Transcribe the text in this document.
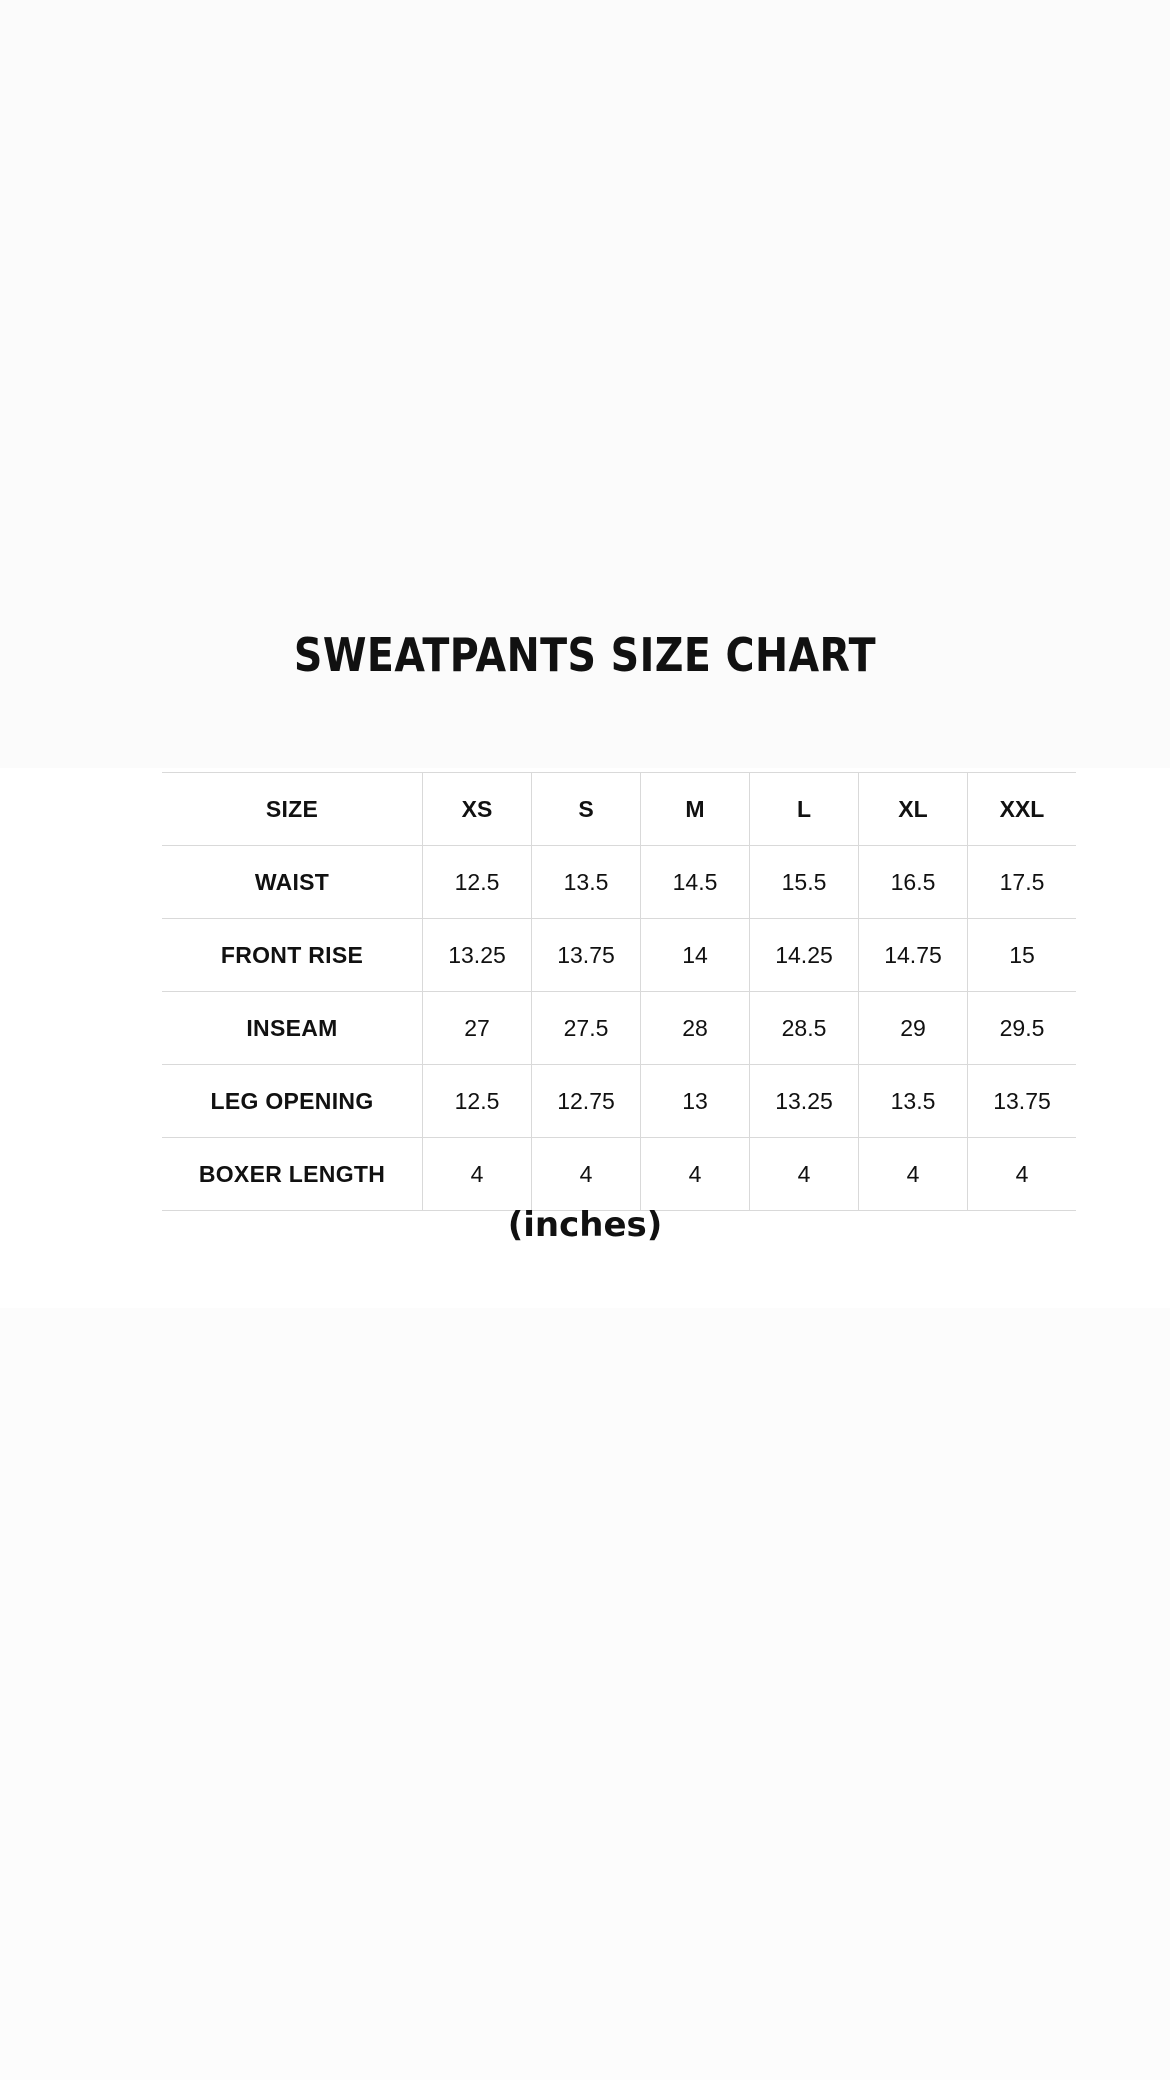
SWEATPANTS SIZE CHART
SIZE	XS	S	M	L	XL	XXL
WAIST	12.5	13.5	14.5	15.5	16.5	17.5
FRONT RISE	13.25	13.75	14	14.25	14.75	15
INSEAM	27	27.5	28	28.5	29	29.5
LEG OPENING	12.5	12.75	13	13.25	13.5	13.75
BOXER LENGTH	4	4	4	4	4	4
(inches)
